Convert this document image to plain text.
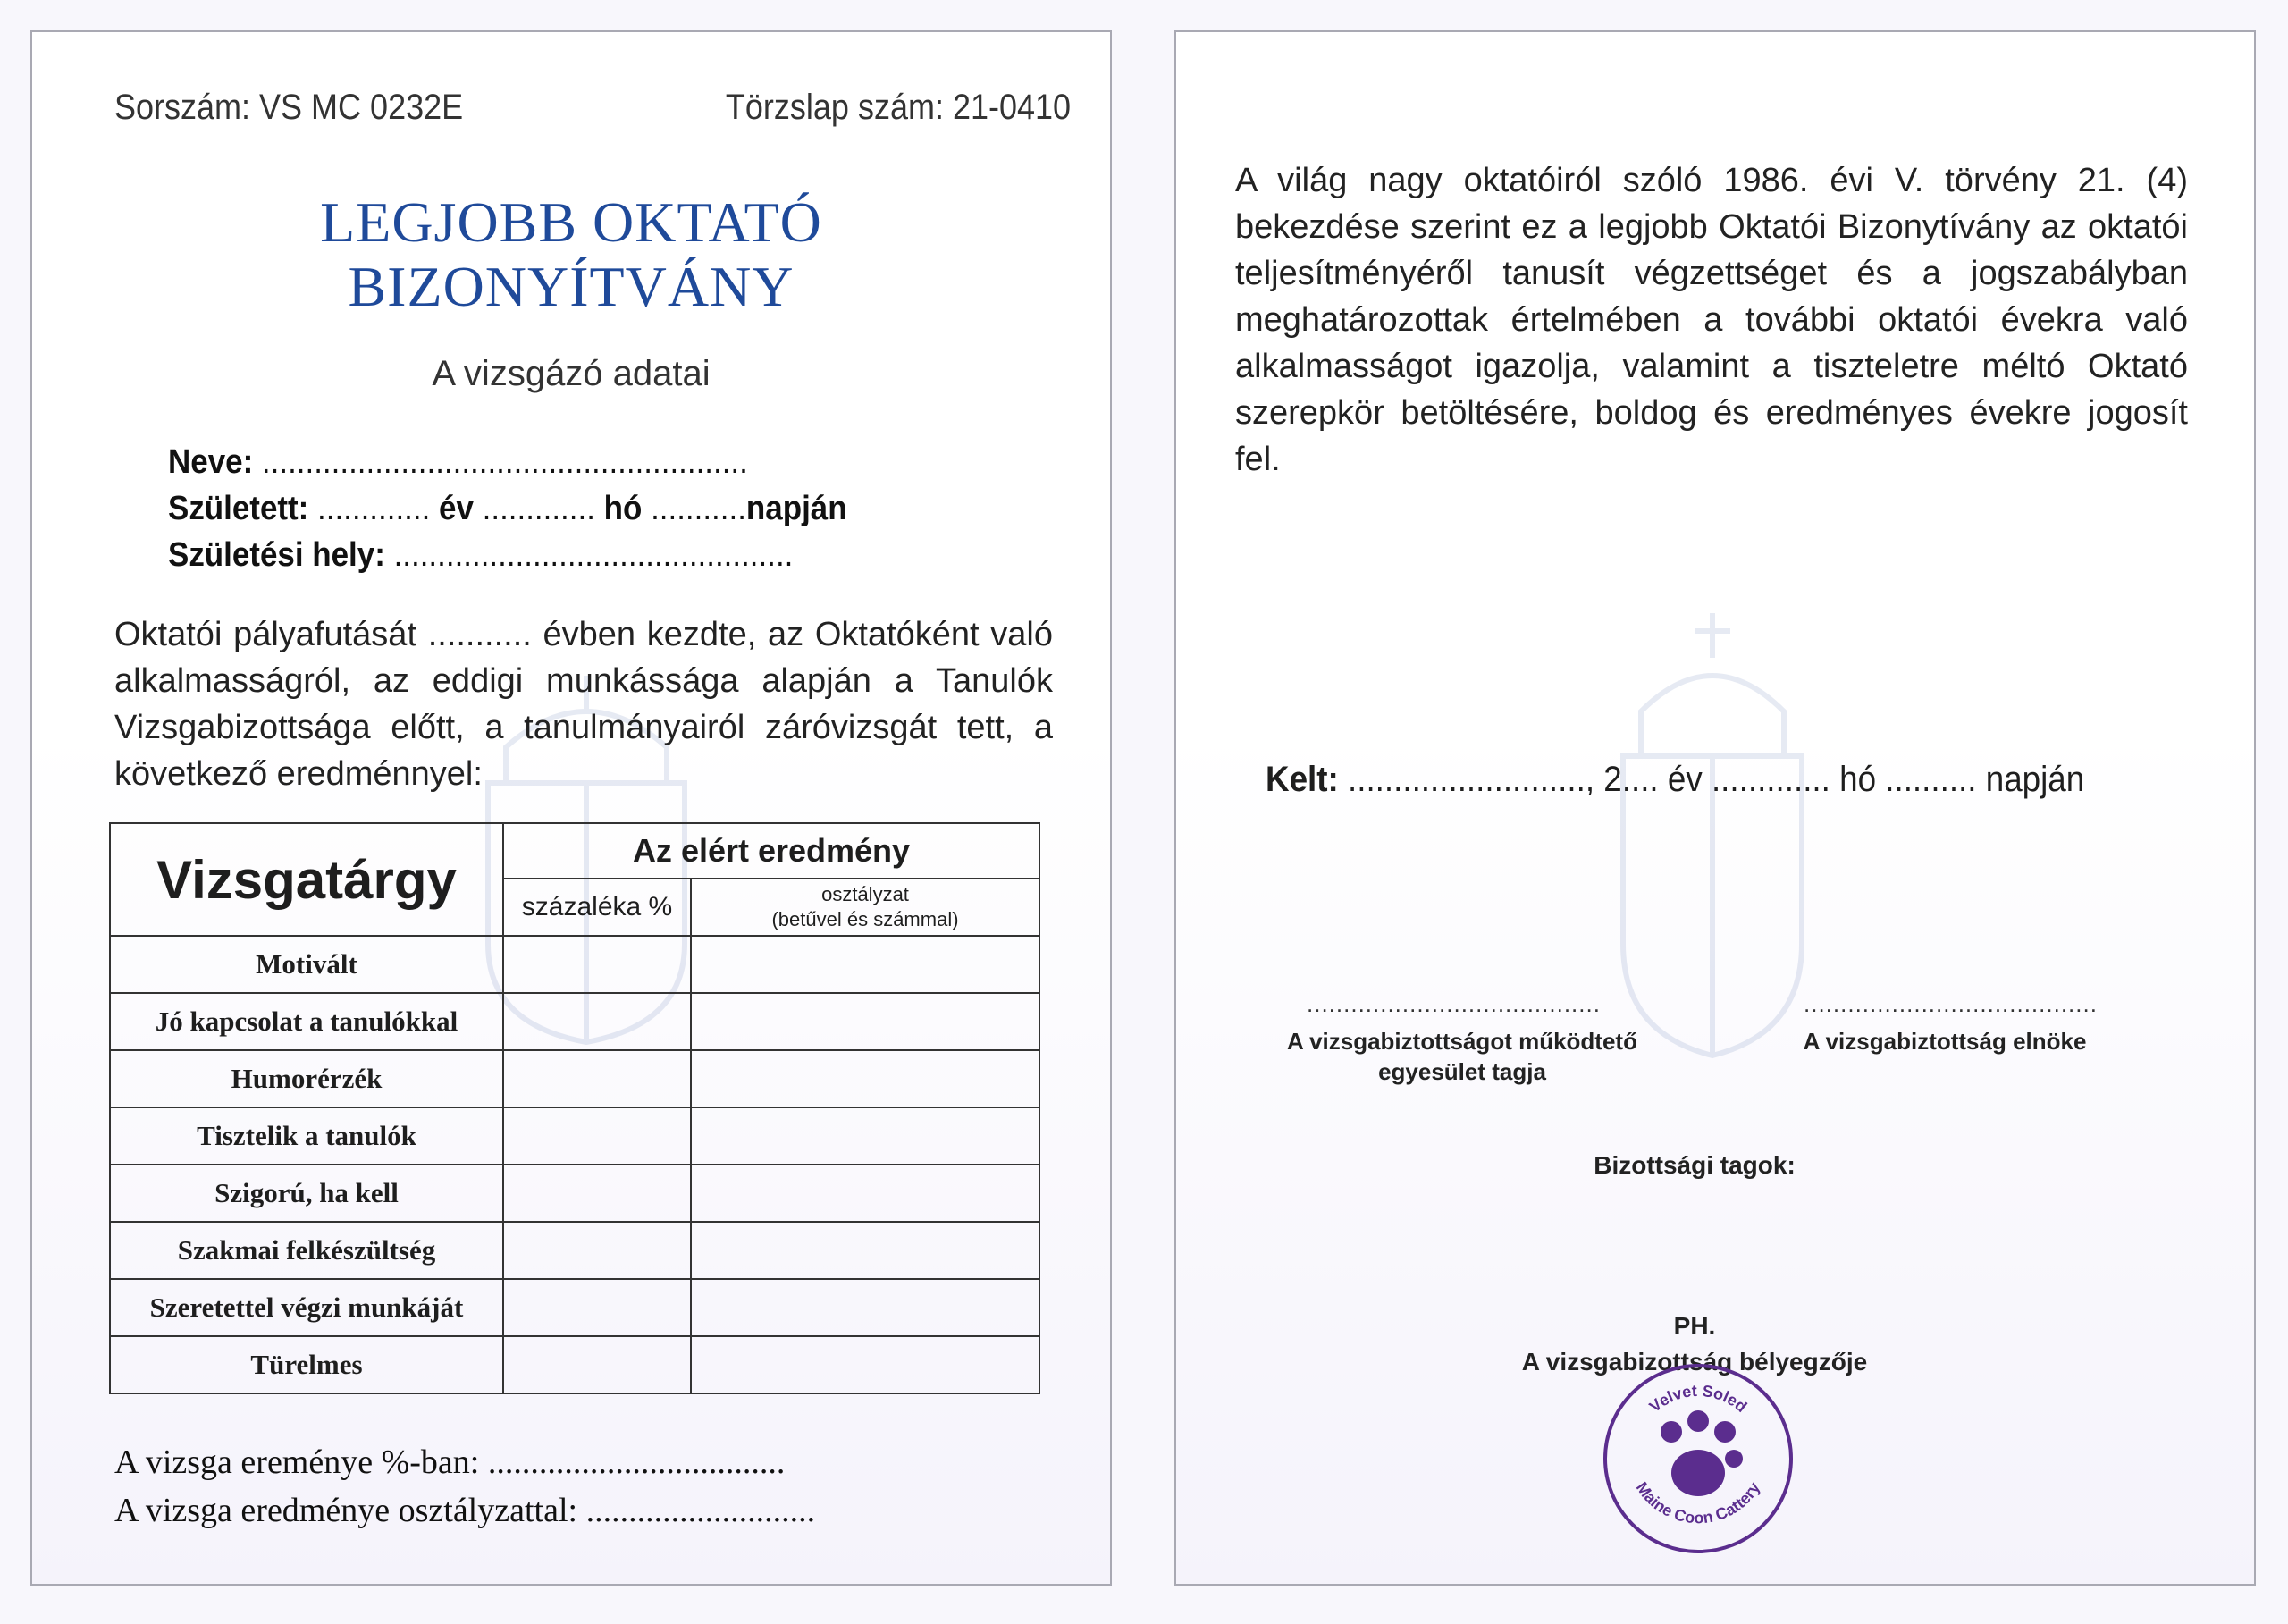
Sorszám: VS MC 0232E	Törzslap szám: 21-0410
LEGJOBB OKTATÓ
BIZONYÍTVÁNY
A vizsgázó adatai
Neve: ........................................................
Született: ............. év ............. hó ...........napján
Születési hely: ..............................................
Oktatói pályafutását ........... évben kezdte, az Oktatóként való alkalmasságról, az eddigi munkássága alapján a Tanulók Vizsgabizottsága előtt, a tanulmányairól záróvizsgát tett, a következő eredménnyel:
Vizsgatárgy	Az elért eredmény	
	százaléka %	osztályzat
(betűvel és számmal)

Motivált		
Jó kapcsolat a tanulókkal		
Humorérzék		
Tisztelik a tanulók		
Szigorú, ha kell		
Szakmai felkészültség		
Szeretettel végzi munkáját		
Türelmes		
A vizsga ereménye %-ban: ...................................
A vizsga eredménye osztályzattal: ...........................
A világ nagy oktatóiról szóló 1986. évi V. törvény 21. (4) bekezdése szerint ez a legjobb Oktatói Bizonytívány az oktatói teljesítményéről tanusít végzettséget és a jogszabályban meghatározottak értelmében a további oktatói évekra való alkalmasságot igazolja, valamint a tiszteletre méltó Oktató szerepkör betöltésére, boldog és eredményes évekre jogosít fel.
Kelt: .........................., 2.... év ............. hó .......... napján
........................................	........................................
A vizsgabiztottságot működtető
egyesület tagja
A vizsgabiztottság elnöke
Bizottsági tagok:
PH.
A vizsgabizottság bélyegzője
Velvet Soled
Maine Coon Cattery
